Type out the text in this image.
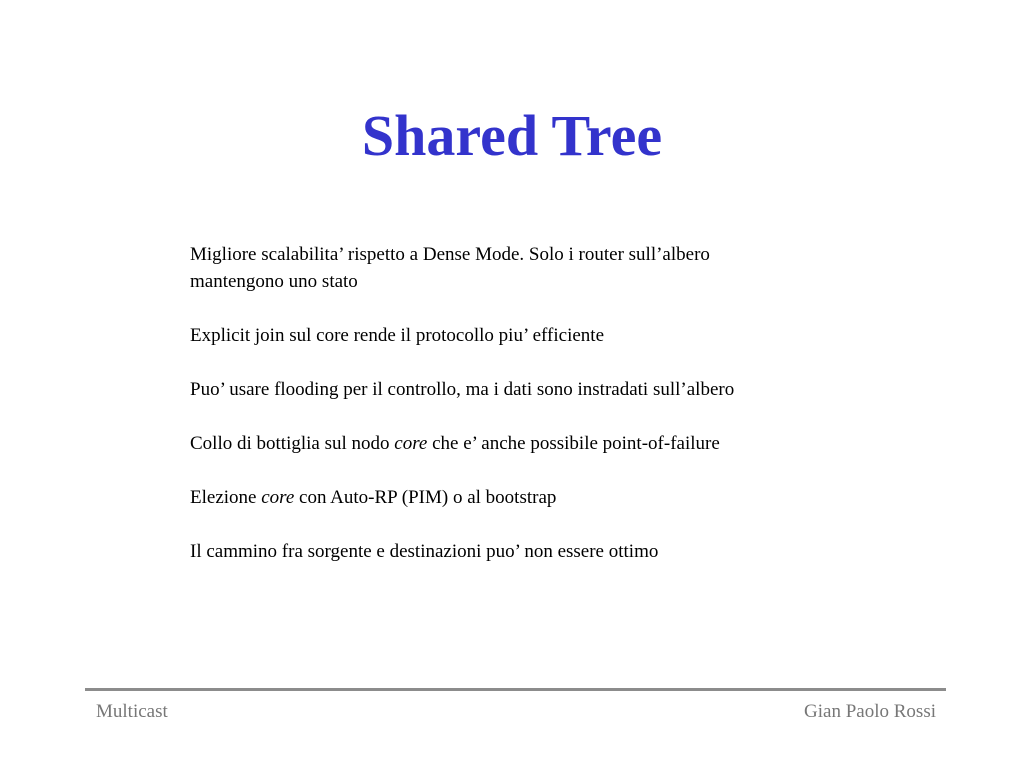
Shared Tree

Migliore scalabilita’ rispetto a Dense Mode. Solo i router sull’albero
mantengono uno stato

Explicit join sul core rende il protocollo piu’ efficiente

Puo’ usare flooding per il controllo, ma i dati sono instradati sull’albero

Collo di bottiglia sul nodo core che e’ anche possibile point-of-failure

Elezione core con Auto-RP (PIM) o al bootstrap

Il cammino fra sorgente e destinazioni puo’ non essere ottimo

Multicast	Gian Paolo Rossi
